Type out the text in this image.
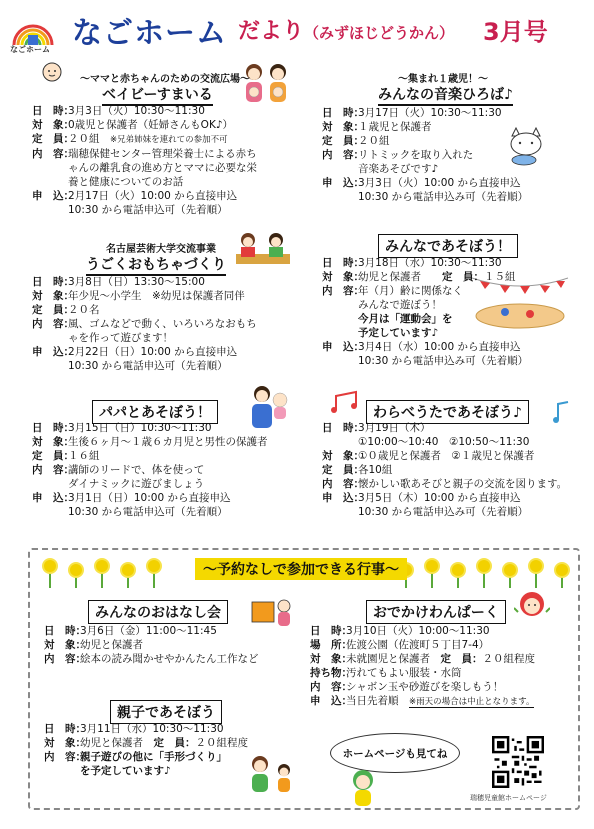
なごホーム なごホーム だより（みずほじどうかん） 3月号
～ママと赤ちゃんのための交流広場～
ベイビーすまいる
日　時：
3月3日（火）10:30～11:30
対　象：
0歳児と保護者（妊婦さんもOK♪）
定　員：
２０組　 ※兄弟姉妹を連れての参加不可
内　容：
瑞穂保健センター管理栄養士による赤ち
ゃんの離乳食の進め方とママに必要な栄
養と健康についてのお話
申　込：
2月17日（火）10:00 から直接申込
10:30 から電話申込可（先着順）
名古屋芸術大学交流事業
うごくおもちゃづくり
日　時：
3月8日（日）13:30～15:00
対　象：
年少児～小学生　※幼児は保護者同伴
定　員：
２０名
内　容：
風、ゴムなどで動く、いろいろなおもち
ゃを作って遊びます！
申　込：
2月22日（日）10:00 から直接申込
10:30 から電話申込可（先着順）
パパとあそぼう！
日　時：
3月15日（日）10:30～11:30
対　象：
生後６ヶ月～１歳６カ月児と男性の保護者
定　員：
１６組
内　容：
講師のリードで、体を使って
ダイナミックに遊びましょう
申　込：
3月1日（日）10:00 から直接申込
10:30 から電話申込可（先着順）
～集まれ１歳児！～
みんなの音楽ひろば♪
日　時：
3月17日（火）10:30～11:30
対　象：
１歳児と保護者
定　員：
２０組
内　容：
リトミックを取り入れた
音楽あそびです♪
申　込：
3月3日（火）10:00 から直接申込
10:30 から電話申込み可（先着順）
みんなであそぼう！
日　時：
3月18日（水）10:30～11:30
対　象：
幼児と保護者　　 定　員：１５組
内　容：
年（月）齢に関係なく
みんなで遊ぼう！
今月は「運動会」を
予定しています♪
申　込：
3月4日（水）10:00 から直接申込
10:30 から電話申込み可（先着順）
わらべうたであそぼう♪
日　時：
3月19日（木）
①10:00～10:40　 ②10:50～11:30
対　象：
①０歳児と保護者　 ②１歳児と保護者
定　員：
各10組
内　容：
懐かしい歌あそびと親子の交流を図ります。
申　込：
3月5日（木）10:00 から直接申込
10:30 から電話申込み可（先着順）
～予約なしで参加できる行事～
みんなのおはなし会
日　時：
3月6日（金）11:00～11:45
対　象：
幼児と保護者
内　容：
絵本の読み聞かせやかんたん工作など
親子であそぼう
日　時：
3月11日（水）10:30～11:30
対　象：
幼児と保護者　 定　員：２０組程度
内　容：
親子遊びの他に「手形づくり」
を予定しています♪
おでかけわんぱーく
日　時：
3月10日（火）10:00～11:30
場　所：
佐渡公園（佐渡町５丁目7-4）
対　象：
未就園児と保護者　 定　員：２０組程度
持ち物：
汚れてもよい服装・水筒
内　容：
シャボン玉や砂遊びを楽しもう！
申　込：
当日先着順　 ※雨天の場合は中止となります。
ホームページも見てね
瑞穂児童館ホームページ
